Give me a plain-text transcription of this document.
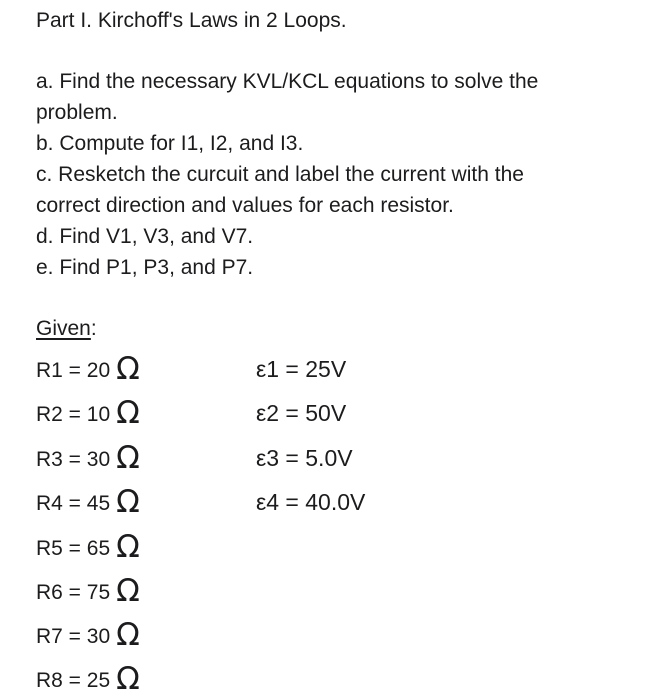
Part I. Kirchoff's Laws in 2 Loops.
a. Find the necessary KVL/KCL equations to solve the
problem.
b. Compute for I1, I2, and I3.
c. Resketch the curcuit and label the current with the
correct direction and values for each resistor.
d. Find V1, V3, and V7.
e. Find P1, P3, and P7.
Given:
R1 = 20 Ω
R2 = 10 Ω
R3 = 30 Ω
R4 = 45 Ω
R5 = 65 Ω
R6 = 75 Ω
R7 = 30 Ω
R8 = 25 Ω
ε1 = 25V
ε2 = 50V
ε3 = 5.0V
ε4 = 40.0V
